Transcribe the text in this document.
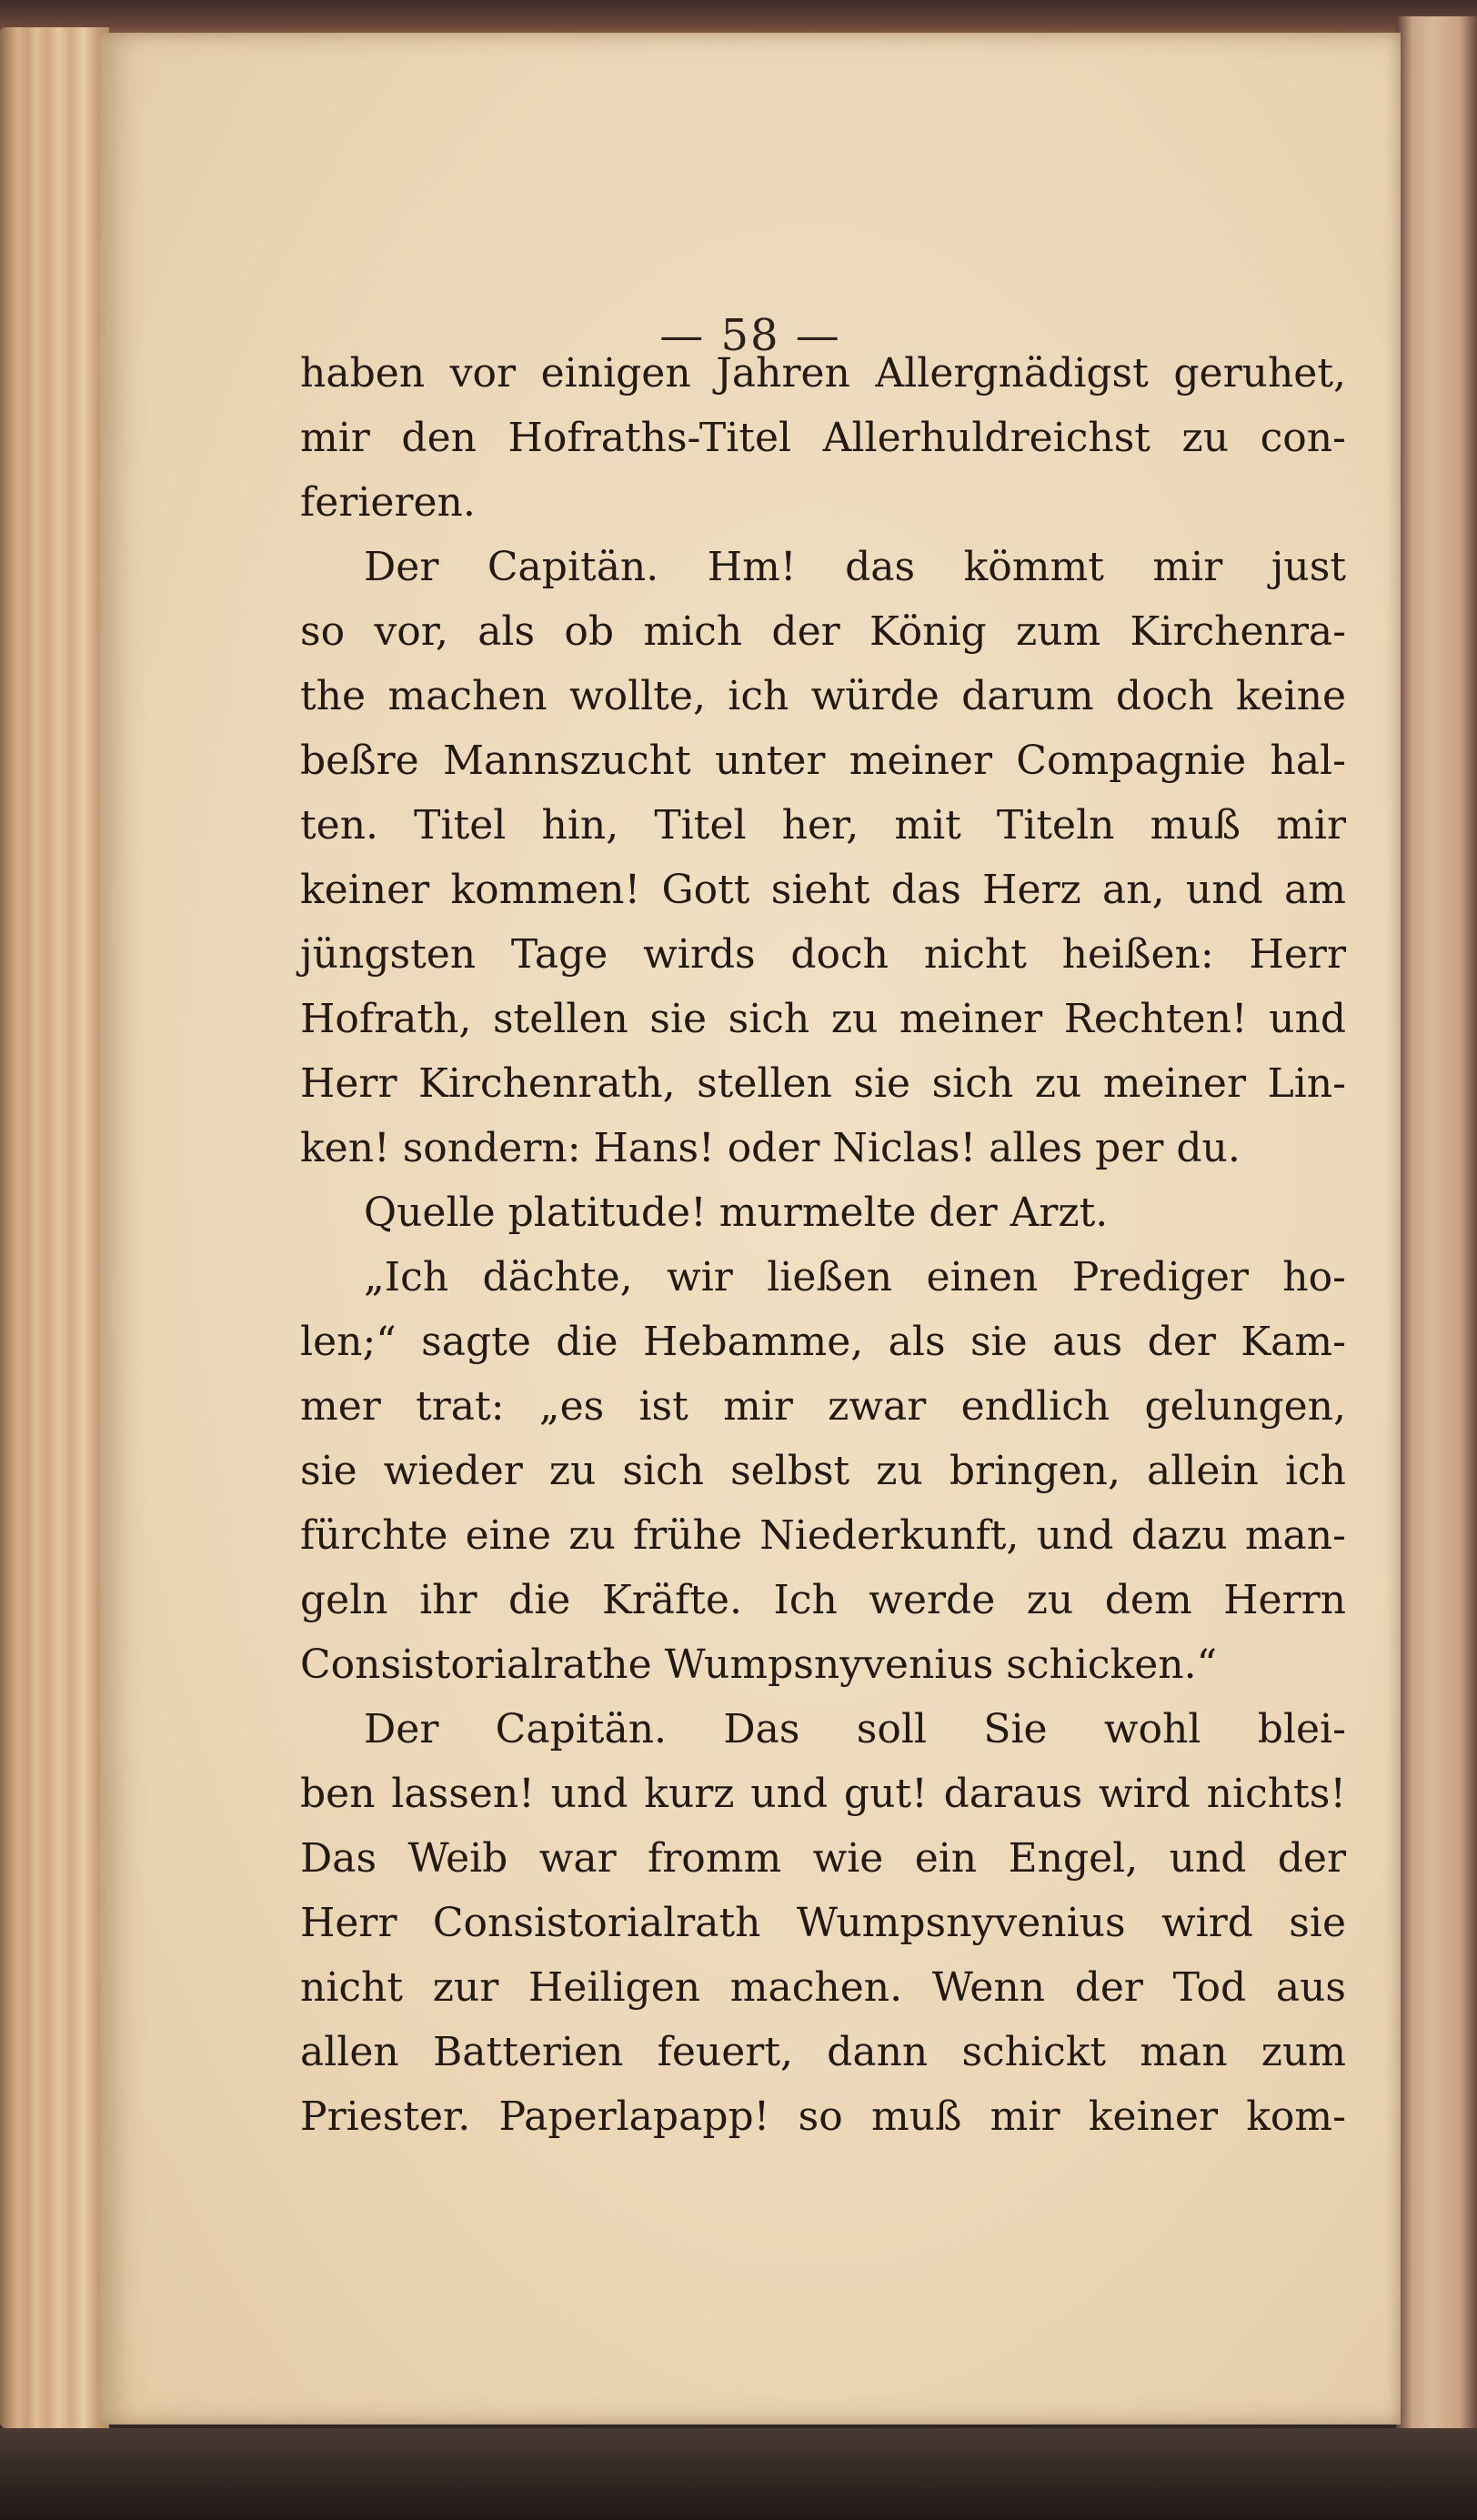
— 58 —
haben vor einigen Jahren Allergnädigst geruhet,
mir den Hofraths-Titel Allerhuldreichst zu con-
ferieren.
Der Capitän. Hm! das kömmt mir just
so vor, als ob mich der König zum Kirchenra-
the machen wollte, ich würde darum doch keine
beßre Mannszucht unter meiner Compagnie hal-
ten. Titel hin, Titel her, mit Titeln muß mir
keiner kommen! Gott sieht das Herz an, und am
jüngsten Tage wirds doch nicht heißen: Herr
Hofrath, stellen sie sich zu meiner Rechten! und
Herr Kirchenrath, stellen sie sich zu meiner Lin-
ken! sondern: Hans! oder Niclas! alles per du.
Quelle platitude! murmelte der Arzt.
„Ich dächte, wir ließen einen Prediger ho-
len;“ sagte die Hebamme, als sie aus der Kam-
mer trat: „es ist mir zwar endlich gelungen,
sie wieder zu sich selbst zu bringen, allein ich
fürchte eine zu frühe Niederkunft, und dazu man-
geln ihr die Kräfte. Ich werde zu dem Herrn
Consistorialrathe Wumpsnyvenius schicken.“
Der Capitän. Das soll Sie wohl blei-
ben lassen! und kurz und gut! daraus wird nichts!
Das Weib war fromm wie ein Engel, und der
Herr Consistorialrath Wumpsnyvenius wird sie
nicht zur Heiligen machen. Wenn der Tod aus
allen Batterien feuert, dann schickt man zum
Priester. Paperlapapp! so muß mir keiner kom-
